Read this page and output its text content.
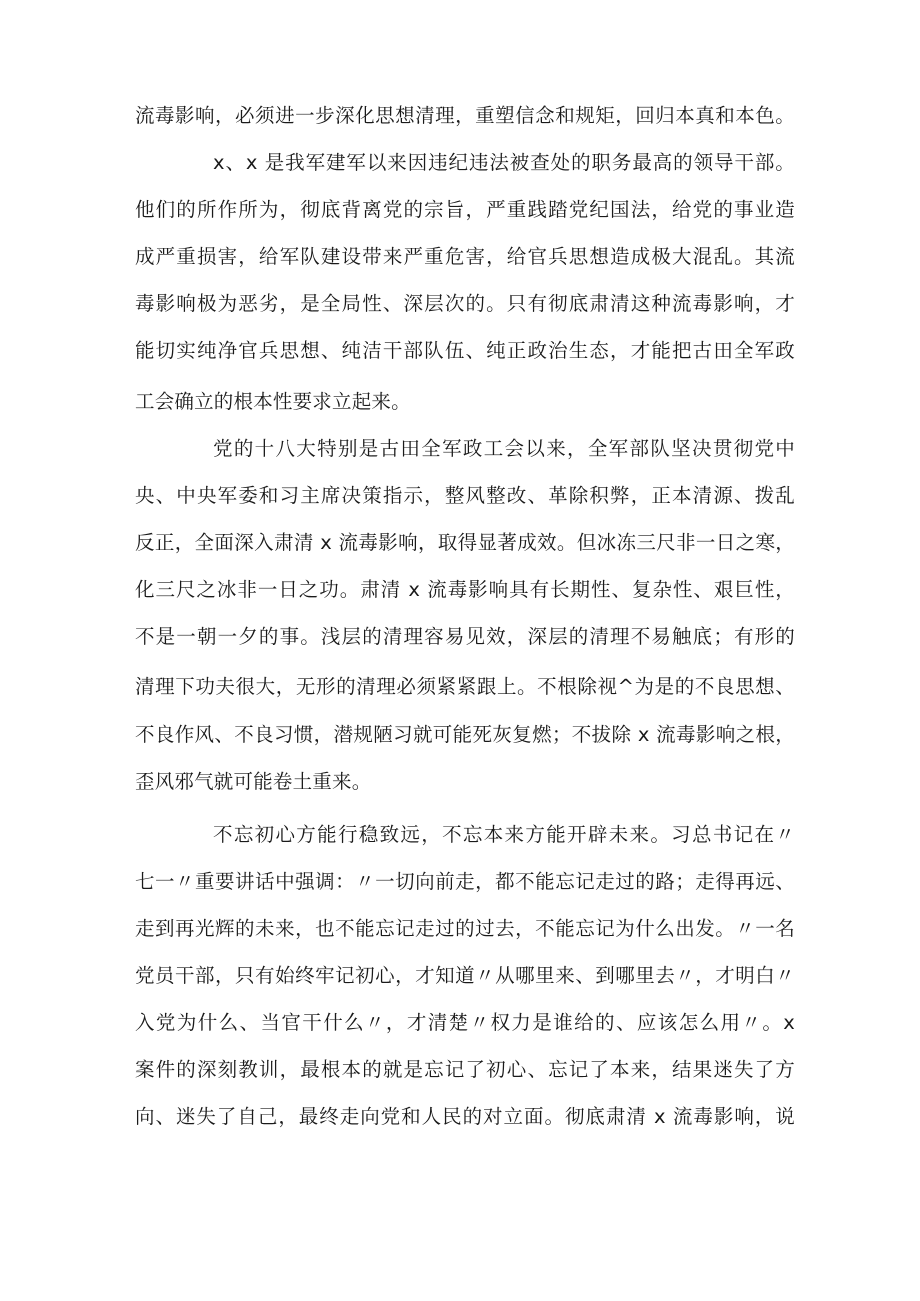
流毒影响，必须进一步深化思想清理，重塑信念和规矩，回归本真和本色。

x、x 是我军建军以来因违纪违法被查处的职务最高的领导干部。

他们的所作所为，彻底背离党的宗旨，严重践踏党纪国法，给党的事业造

成严重损害，给军队建设带来严重危害，给官兵思想造成极大混乱。其流

毒影响极为恶劣，是全局性、深层次的。只有彻底肃清这种流毒影响，才

能切实纯净官兵思想、纯洁干部队伍、纯正政治生态，才能把古田全军政

工会确立的根本性要求立起来。

党的十八大特别是古田全军政工会以来，全军部队坚决贯彻党中

央、中央军委和习主席决策指示，整风整改、革除积弊，正本清源、拨乱

反正，全面深入肃清 x 流毒影响，取得显著成效。但冰冻三尺非一日之寒，

化三尺之冰非一日之功。肃清 x 流毒影响具有长期性、复杂性、艰巨性，

不是一朝一夕的事。浅层的清理容易见效，深层的清理不易触底；有形的

清理下功夫很大，无形的清理必须紧紧跟上。不根除视^为是的不良思想、

不良作风、不良习惯，潜规陋习就可能死灰复燃；不拔除 x 流毒影响之根，

歪风邪气就可能卷土重来。

不忘初心方能行稳致远，不忘本来方能开辟未来。习总书记在〃

七一〃重要讲话中强调：〃一切向前走，都不能忘记走过的路；走得再远、

走到再光辉的未来，也不能忘记走过的过去，不能忘记为什么出发。〃一名

党员干部，只有始终牢记初心，才知道〃从哪里来、到哪里去〃，才明白〃

入党为什么、当官干什么〃，才清楚〃权力是谁给的、应该怎么用〃。x

案件的深刻教训，最根本的就是忘记了初心、忘记了本来，结果迷失了方

向、迷失了自己，最终走向党和人民的对立面。彻底肃清 x 流毒影响，说
